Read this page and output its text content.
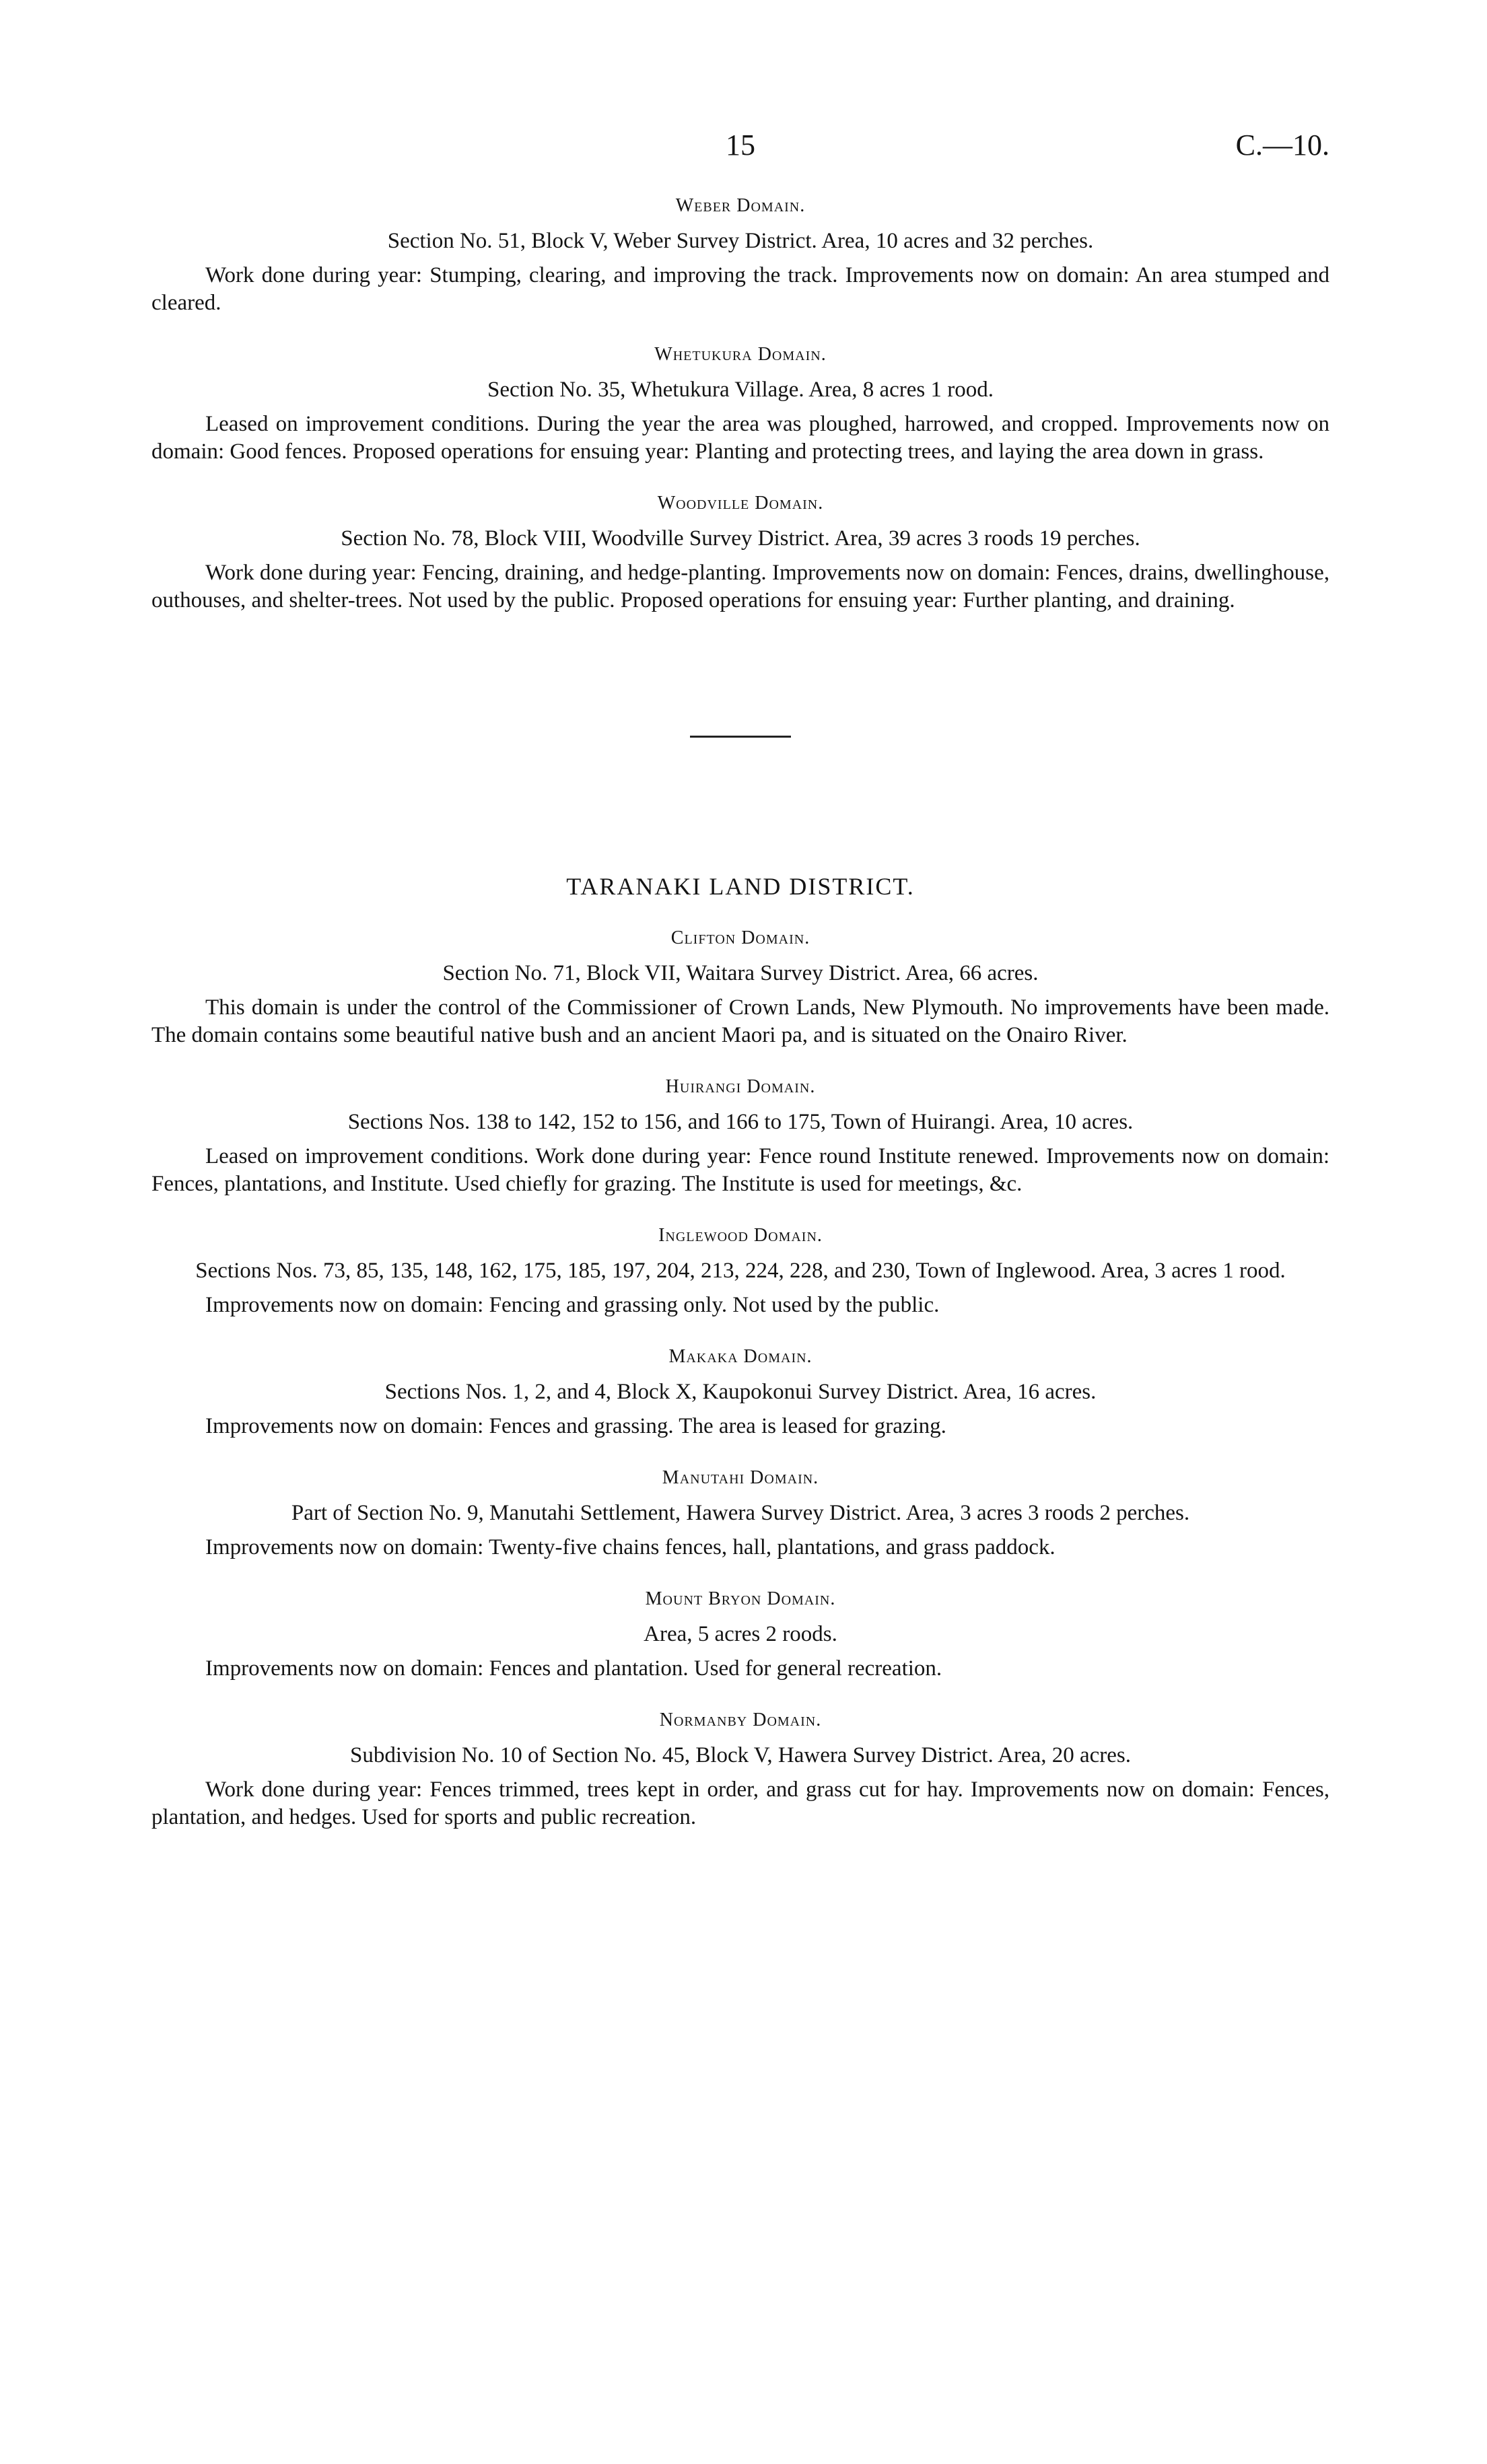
15	C.—10.
Weber Domain.

Section No. 51, Block V, Weber Survey District. Area, 10 acres and 32 perches.

Work done during year: Stumping, clearing, and improving the track. Improvements now on domain: An area stumped and cleared.

Whetukura Domain.

Section No. 35, Whetukura Village. Area, 8 acres 1 rood.

Leased on improvement conditions. During the year the area was ploughed, harrowed, and cropped. Improvements now on domain: Good fences. Proposed operations for ensuing year: Planting and protecting trees, and laying the area down in grass.

Woodville Domain.

Section No. 78, Block VIII, Woodville Survey District. Area, 39 acres 3 roods 19 perches.

Work done during year: Fencing, draining, and hedge-planting. Improvements now on domain: Fences, drains, dwellinghouse, outhouses, and shelter-trees. Not used by the public. Proposed operations for ensuing year: Further planting, and draining.

TARANAKI LAND DISTRICT.
Clifton Domain.

Section No. 71, Block VII, Waitara Survey District. Area, 66 acres.

This domain is under the control of the Commissioner of Crown Lands, New Plymouth. No improvements have been made. The domain contains some beautiful native bush and an ancient Maori pa, and is situated on the Onairo River.

Huirangi Domain.

Sections Nos. 138 to 142, 152 to 156, and 166 to 175, Town of Huirangi. Area, 10 acres.

Leased on improvement conditions. Work done during year: Fence round Institute renewed. Improvements now on domain: Fences, plantations, and Institute. Used chiefly for grazing. The Institute is used for meetings, &c.

Inglewood Domain.

Sections Nos. 73, 85, 135, 148, 162, 175, 185, 197, 204, 213, 224, 228, and 230, Town of Inglewood. Area, 3 acres 1 rood.

Improvements now on domain: Fencing and grassing only. Not used by the public.

Makaka Domain.

Sections Nos. 1, 2, and 4, Block X, Kaupokonui Survey District. Area, 16 acres.

Improvements now on domain: Fences and grassing. The area is leased for grazing.

Manutahi Domain.

Part of Section No. 9, Manutahi Settlement, Hawera Survey District. Area, 3 acres 3 roods 2 perches.

Improvements now on domain: Twenty-five chains fences, hall, plantations, and grass paddock.

Mount Bryon Domain.

Area, 5 acres 2 roods.

Improvements now on domain: Fences and plantation. Used for general recreation.

Normanby Domain.

Subdivision No. 10 of Section No. 45, Block V, Hawera Survey District. Area, 20 acres.

Work done during year: Fences trimmed, trees kept in order, and grass cut for hay. Improvements now on domain: Fences, plantation, and hedges. Used for sports and public recreation.
